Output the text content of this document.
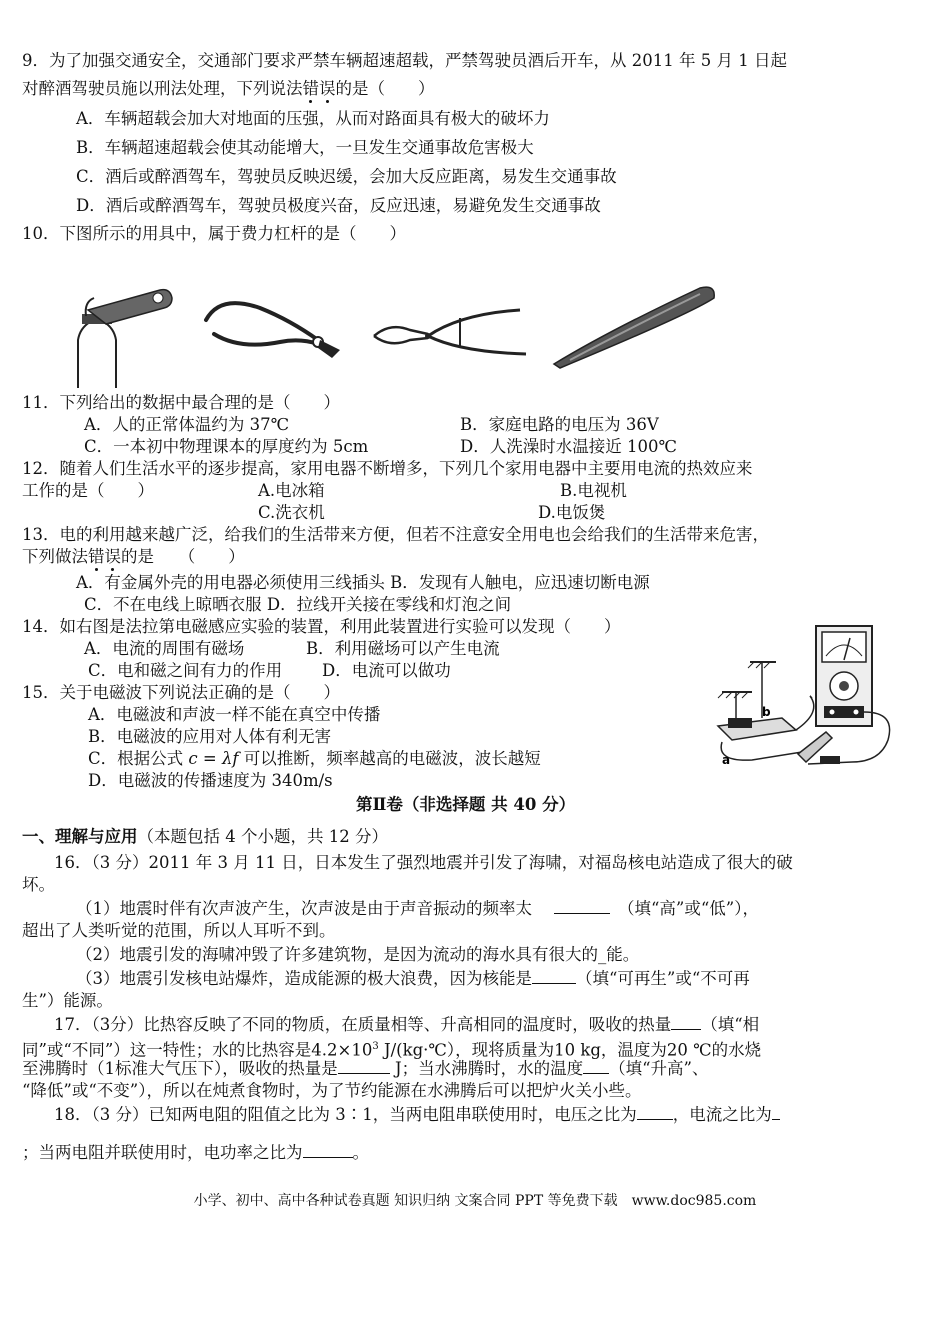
9．为了加强交通安全，交通部门要求严禁车辆超速超载，严禁驾驶员酒后开车，从 2011 年 5 月 1 日起
对醉酒驾驶员施以刑法处理，下列说法错误的是（　　）
A．车辆超载会加大对地面的压强，从而对路面具有极大的破坏力
B．车辆超速超载会使其动能增大，一旦发生交通事故危害极大
C．酒后或醉酒驾车，驾驶员反映迟缓，会加大反应距离，易发生交通事故
D．酒后或醉酒驾车，驾驶员极度兴奋，反应迅速，易避免发生交通事故
10．下图所示的用具中，属于费力杠杆的是（　　）
11．下列给出的数据中最合理的是（　　）
A．人的正常体温约为 37℃	B．家庭电路的电压为 36V
C．一本初中物理课本的厚度约为 5cm	D．人洗澡时水温接近 100℃
12．随着人们生活水平的逐步提高，家用电器不断增多，下列几个家用电器中主要用电流的热效应来
工作的是（　　）	A.电冰箱	B.电视机
C.洗衣机	D.电饭煲
13．电的利用越来越广泛，给我们的生活带来方便，但若不注意安全用电也会给我们的生活带来危害，
下列做法错误的是　　（　　）
A．有金属外壳的用电器必须使用三线插头 B．发现有人触电，应迅速切断电源
C．不在电线上晾晒衣服 D．拉线开关接在零线和灯泡之间
14．如右图是法拉第电磁感应实验的装置，利用此装置进行实验可以发现（　　）
A．电流的周围有磁场	B．利用磁场可以产生电流
C．电和磁之间有力的作用 D．电流可以做功
a
b
15．关于电磁波下列说法正确的是（　　）
A．电磁波和声波一样不能在真空中传播
B．电磁波的应用对人体有利无害
C．根据公式 c = λf 可以推断，频率越高的电磁波，波长越短
D．电磁波的传播速度为 340m/s
第Ⅱ卷（非选择题 共 40 分）
一、理解与应用（本题包括 4 个小题，共 12 分）
16．（3 分）2011 年 3 月 11 日，日本发生了强烈地震并引发了海啸，对福岛核电站造成了很大的破
坏。
（1）地震时伴有次声波产生，次声波是由于声音振动的频率太　 　	（填“高”或“低”），
超出了人类听觉的范围，所以人耳听不到。
（2）地震引发的海啸冲毁了许多建筑物，是因为流动的海水具有很大的_能。
（3）地震引发核电站爆炸，造成能源的极大浪费，因为核能是	（填“可再生”或“不可再
生”）能源。
17．（3分）比热容反映了不同的物质，在质量相等、升高相同的温度时，吸收的热量 （填“相
同”或“不同”）这一特性；水的比热容是$4.2\times 10^3$ J/(kg·℃），现将质量为10 kg，温度为20 ℃的水烧
至沸腾时（1标准大气压下），吸收的热量是	J；当水沸腾时，水的温度 （填“升高”、
“降低”或“不变”），所以在炖煮食物时，为了节约能源在水沸腾后可以把炉火关小些。
18．（3 分）已知两电阻的阻值之比为 3∶1，当两电阻串联使用时，电压之比为 ，电流之比为
；当两电阻并联使用时，电功率之比为	。
小学、初中、高中各种试卷真题 知识归纳 文案合同 PPT 等免费下载　www.doc985.com
